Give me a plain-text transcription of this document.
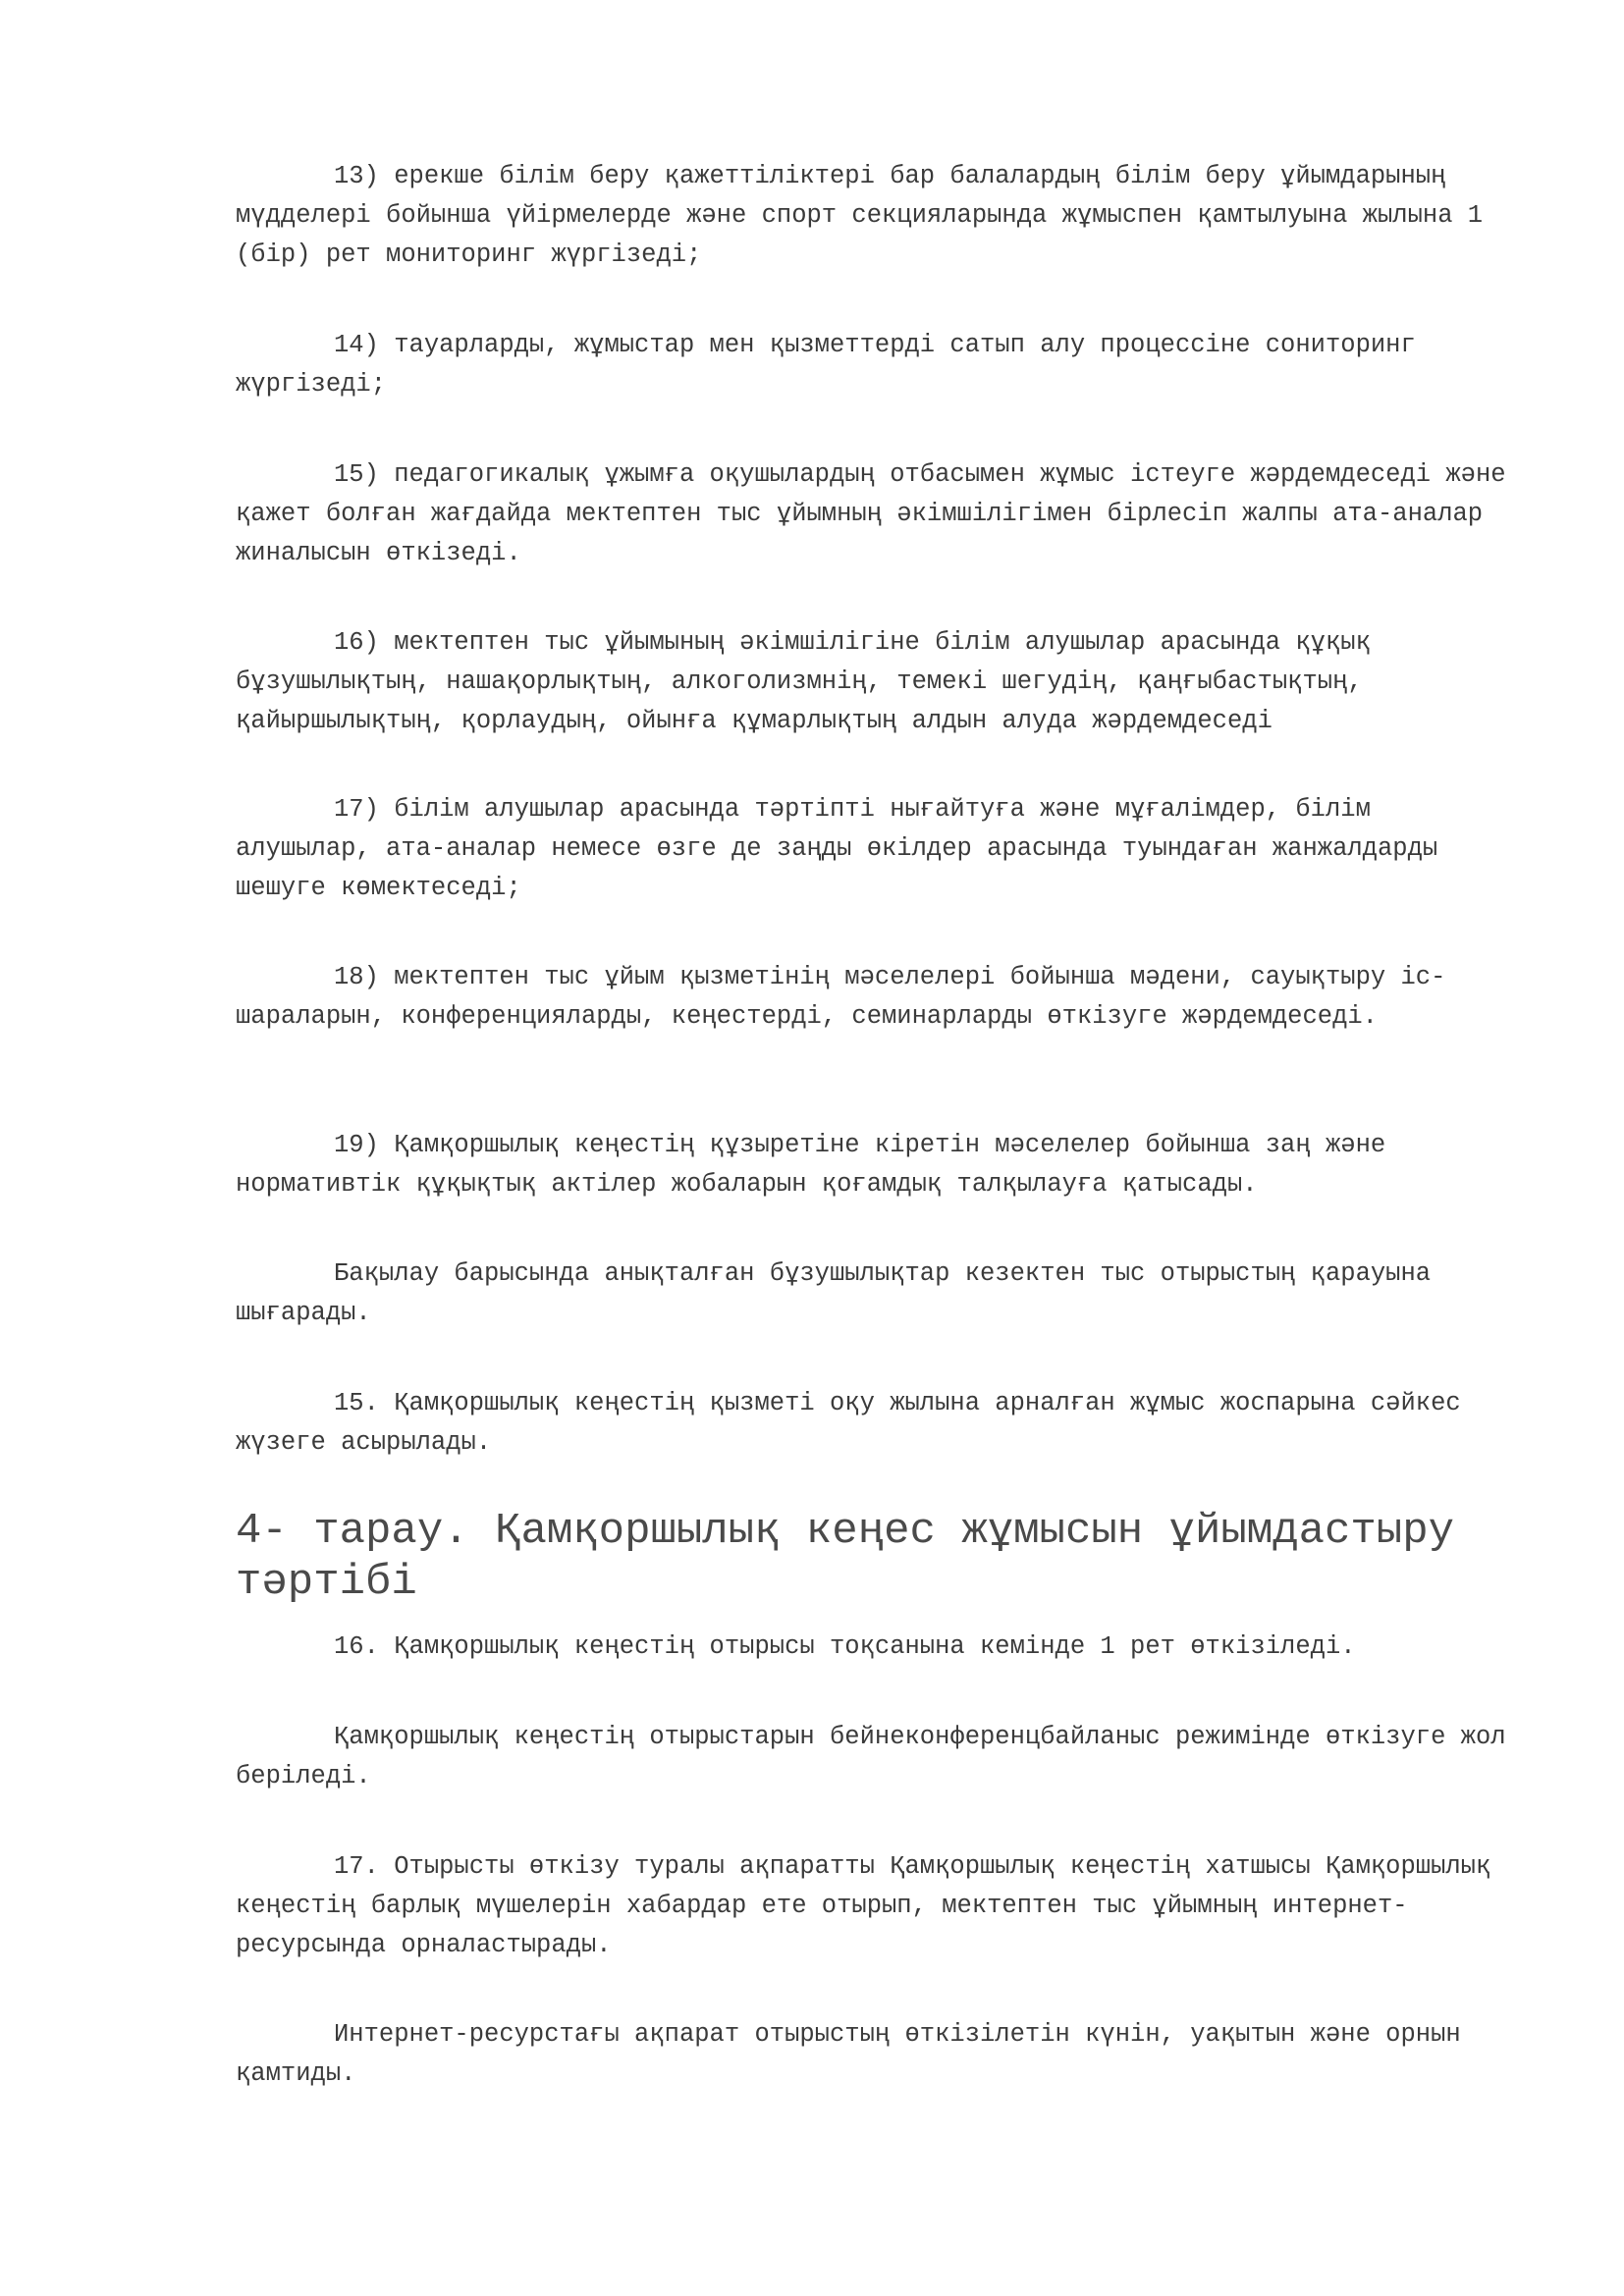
13) ерекше білім беру қажеттіліктері бар балалардың білім беру ұйымдарының мүдделері бойынша үйірмелерде және спорт секцияларында жұмыспен қамтылуына жылына 1 (бір) рет мониторинг жүргізеді;

14) тауарларды, жұмыстар мен қызметтерді сатып алу процессіне сониторинг жүргізеді;

15) педагогикалық ұжымға оқушылардың отбасымен жұмыс істеуге жәрдемдеседі және қажет болған жағдайда мектептен тыс ұйымның әкімшілігімен бірлесіп жалпы ата-аналар жиналысын өткізеді.

16) мектептен тыс ұйымының әкімшілігіне білім алушылар арасында құқық бұзушылықтың, нашақорлықтың, алкоголизмнің, темекі шегудің, қаңғыбастықтың, қайыршылықтың, қорлаудың, ойынға құмарлықтың алдын алуда жәрдемдеседі

17) білім алушылар арасында тәртіпті нығайтуға және мұғалімдер, білім алушылар, ата-аналар немесе өзге де заңды өкілдер арасында туындаған жанжалдарды шешуге көмектеседі;

18) мектептен тыс ұйым қызметінің мәселелері бойынша мәдени, сауықтыру іс-шараларын, конференцияларды, кеңестерді, семинарларды өткізуге жәрдемдеседі.

19) Қамқоршылық кеңестің құзыретіне кіретін мәселелер бойынша заң және нормативтік құқықтық актілер жобаларын қоғамдық талқылауға қатысады.

Бақылау барысында анықталған бұзушылықтар кезектен тыс отырыстың қарауына шығарады.

15. Қамқоршылық кеңестің қызметі оқу жылына арналған жұмыс жоспарына сәйкес жүзеге асырылады.

4- тарау. Қамқоршылық кеңес жұмысын ұйымдастыру тәртібі

16. Қамқоршылық кеңестің отырысы тоқсанына кемінде 1 рет өткізіледі.

Қамқоршылық кеңестің отырыстарын бейнеконференцбайланыс режимінде өткізуге жол беріледі.

17. Отырысты өткізу туралы ақпаратты Қамқоршылық кеңестің хатшысы Қамқоршылық кеңестің барлық мүшелерін хабардар ете отырып, мектептен тыс ұйымның интернет-ресурсында орналастырады.

Интернет-ресурстағы ақпарат отырыстың өткізілетін күнін, уақытын және орнын қамтиды.
